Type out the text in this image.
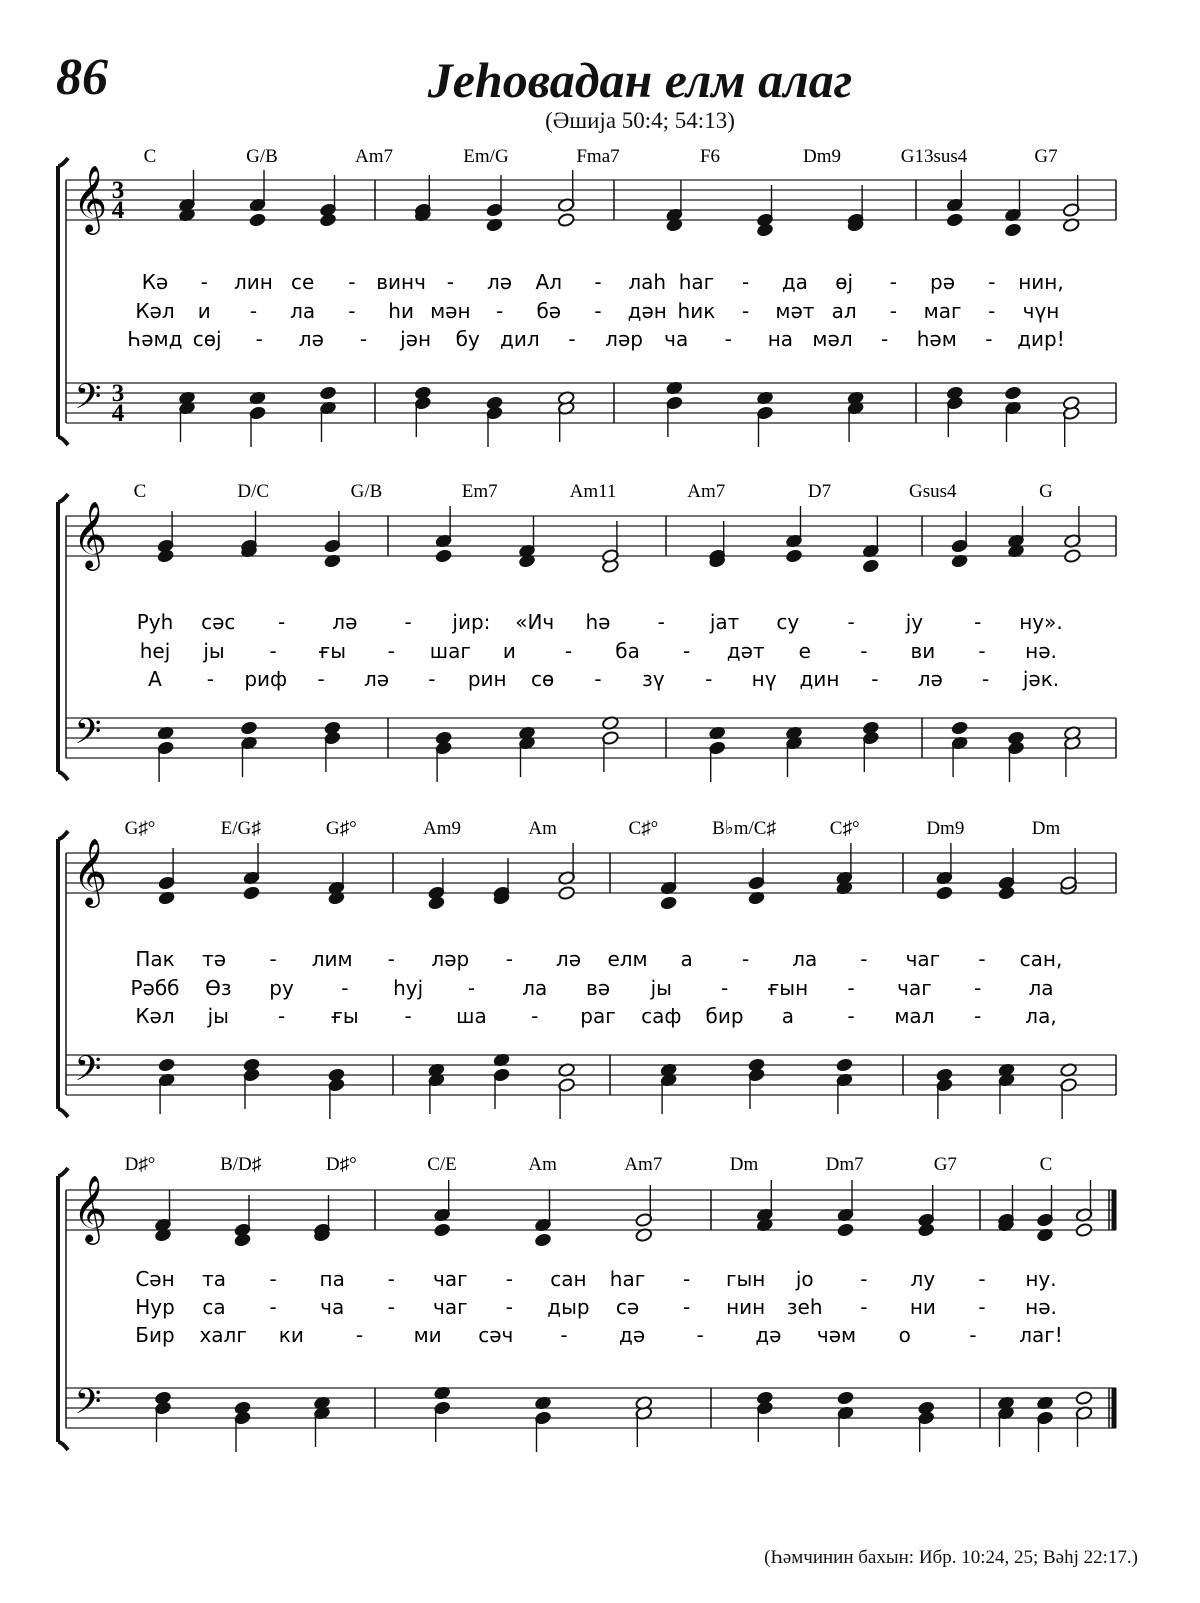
86	Јеһовадан елм алаг
(Әшија 50:4; 54:13)
𝄞
𝄢
3
4
3
4
C	G/B	Am7	Em/G	Fma7	F6	Dm9	G13sus4	G7
Кә - лин се - винч - лә Ал - лаһ һаг - да өј - рә - нин,
Кәл и - ла - һи мән - бә - дән һик - мәт ал - маг - чүн
Һәмд сөј - лә - јән бу дил - ләр ча - на мәл - һәм - дир!
𝄞
𝄢
C	D/C	G/B	Em7	Am11	Am7	D7	Gsus4	G
Руһ сәс - лә - јир: «Ич һә - јат су -	ју	- ну».
һеј јы - ғы - шаг и - ба - дәт е - ви - нә.
А - риф - лә - рин сө - зү - нү дин - лә - јәк.
𝄞
𝄢
G♯°	E/G♯	G♯°	Am9	Am	C♯°	B♭m/C♯	C♯°	Dm9	Dm
Пак тә - лим - ләр - лә елм а - ла - чаг - сан,
Рәбб Өз ру - һуј - ла вә јы - ғын - чаг - ла
Кәл јы - ғы - ша - раг саф бир а	- мал - ла,
𝄞
𝄢
D♯°	B/D♯	D♯°	C/E	Am	Am7	Dm	Dm7	G7	C
Сән та - па - чаг - сан һаг - гын јо - лу - ну.
Нур са - ча - чаг - дыр сә - нин зеһ - ни - нә.
Бир халг ки	-	ми сәч -	дә	-	дә чәм о	- лаг!
(Һәмчинин бахын: Ибр. 10:24, 25; Вәһј 22:17.)
